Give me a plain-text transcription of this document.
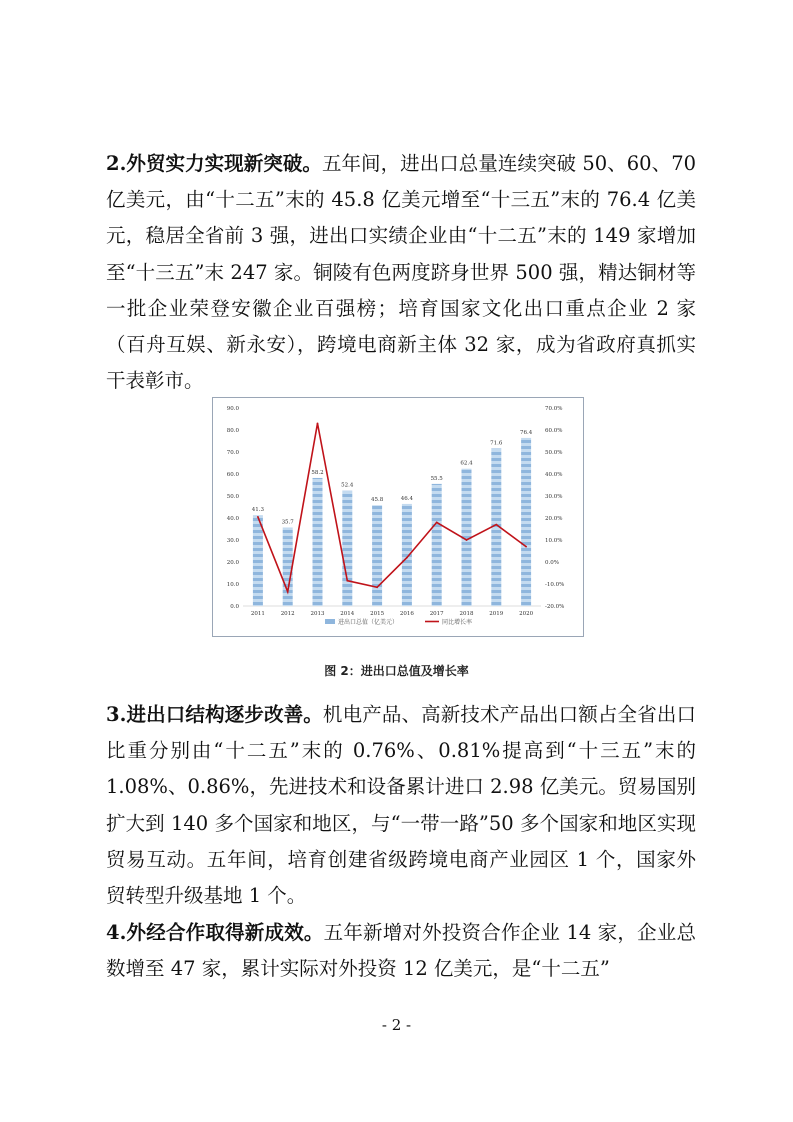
2.外贸实力实现新突破。五年间，进出口总量连续突破 50、60、70 亿美元，由“十二五”末的 45.8 亿美元增至“十三五”末的 76.4 亿美元，稳居全省前 3 强，进出口实绩企业由“十二五”末的 149 家增加至“十三五”末 247 家。铜陵有色两度跻身世界 500 强，精达铜材等一批企业荣登安徽企业百强榜；培育国家文化出口重点企业 2 家（百舟互娱、新永安），跨境电商新主体 32 家，成为省政府真抓实干表彰市。

0.0
10.0
20.0
30.0
40.0
50.0
60.0
70.0
80.0
90.0
-20.0%
-10.0%
0.0%
10.0%
20.0%
30.0%
40.0%
50.0%
60.0%
70.0%
41.3
2011
35.7
2012
58.2
2013
52.4
2014
45.8
2015
46.4
2016
55.5
2017
62.4
2018
71.6
2019
76.4
2020
进出口总值（亿美元）	同比增长率
图 2：进出口总值及增长率

3.进出口结构逐步改善。机电产品、高新技术产品出口额占全省出口比重分别由“十二五”末的 0.76%、0.81%提高到“十三五”末的 1.08%、0.86%，先进技术和设备累计进口 2.98 亿美元。贸易国别扩大到 140 多个国家和地区，与“一带一路”50 多个国家和地区实现贸易互动。五年间，培育创建省级跨境电商产业园区 1 个，国家外贸转型升级基地 1 个。

4.外经合作取得新成效。五年新增对外投资合作企业 14 家，企业总数增至 47 家，累计实际对外投资 12 亿美元，是“十二五”

- 2 -
